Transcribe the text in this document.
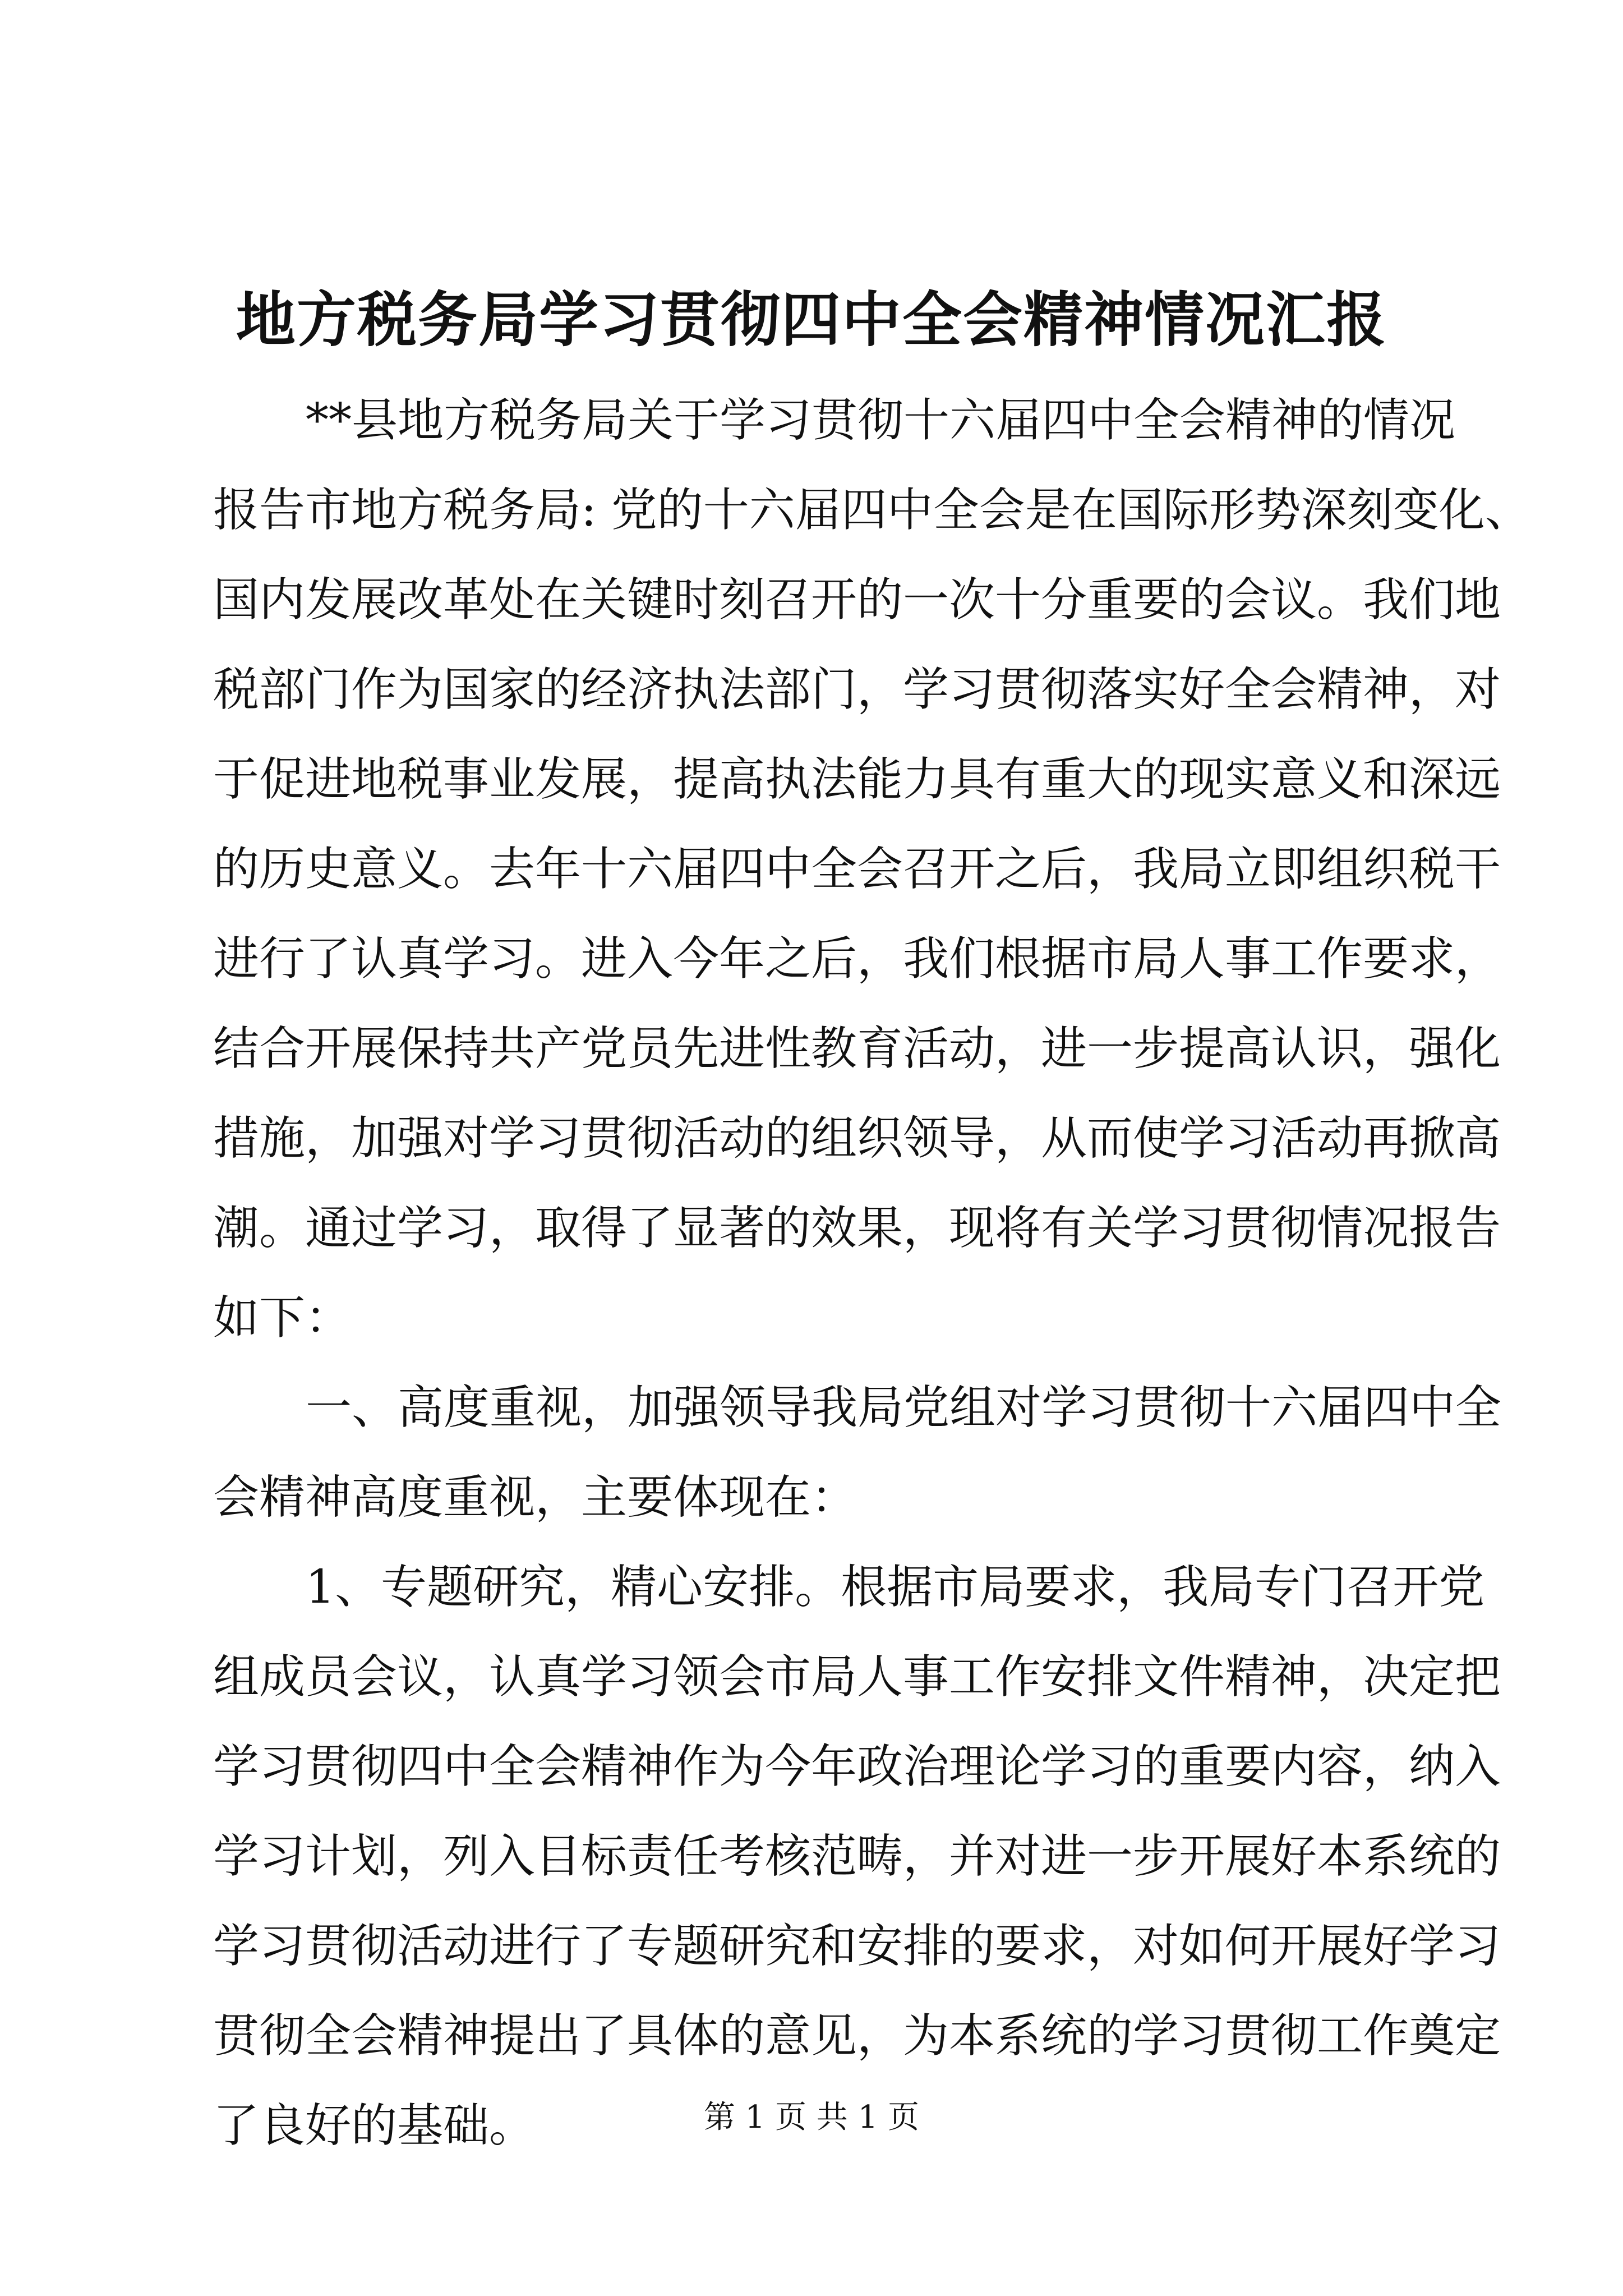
地方税务局学习贯彻四中全会精神情况汇报
**县地方税务局关于学习贯彻十六届四中全会精神的情况
报告市地方税务局: 党的十六届四中全会是在国际形势深刻变化、
国内发展改革处在关键时刻召开的一次十分重要的会议。我们地
税部门作为国家的经济执法部门，学习贯彻落实好全会精神，对
于促进地税事业发展，提高执法能力具有重大的现实意义和深远
的历史意义。去年十六届四中全会召开之后，我局立即组织税干
进行了认真学习。进入今年之后，我们根据市局人事工作要求，
结合开展保持共产党员先进性教育活动，进一步提高认识，强化
措施，加强对学习贯彻活动的组织领导，从而使学习活动再掀高
潮。通过学习，取得了显著的效果，现将有关学习贯彻情况报告
如下：
一、高度重视，加强领导我局党组对学习贯彻十六届四中全
会精神高度重视，主要体现在：
1、专题研究，精心安排。根据市局要求，我局专门召开党
组成员会议，认真学习领会市局人事工作安排文件精神，决定把
学习贯彻四中全会精神作为今年政治理论学习的重要内容，纳入
学习计划，列入目标责任考核范畴，并对进一步开展好本系统的
学习贯彻活动进行了专题研究和安排的要求，对如何开展好学习
贯彻全会精神提出了具体的意见，为本系统的学习贯彻工作奠定
了良好的基础。	第 1 页 共 1 页
